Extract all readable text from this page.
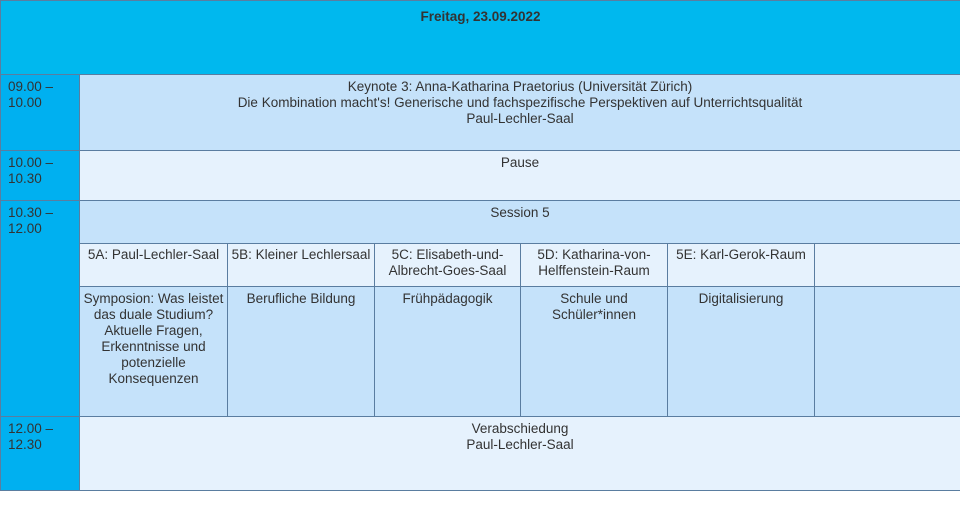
Freitag, 23.09.2022						

09.00 –
10.00	Keynote 3: Anna-Katharina Praetorius (Universität Zürich)
Die Kombination macht's! Generische und fachspezifische Perspektiven auf Unterrichtsqualität
Paul-Lechler-Saal					

10.00 –
10.30	Pause					

10.30 –
12.00	Session 5					

	5A: Paul-Lechler-Saal	5B: Kleiner Lechlersaal	5C: Elisabeth-und-Albrecht-Goes-Saal	5D: Katharina-von-Helffenstein-Raum	5E: Karl-Gerok-Raum	
	Symposion: Was leistet das duale Studium? Aktuelle Fragen, Erkenntnisse und potenzielle Konsequenzen	Berufliche Bildung	Frühpädagogik	Schule und Schüler*innen	Digitalisierung	

12.00 –
12.30	Verabschiedung
Paul-Lechler-Saal					
